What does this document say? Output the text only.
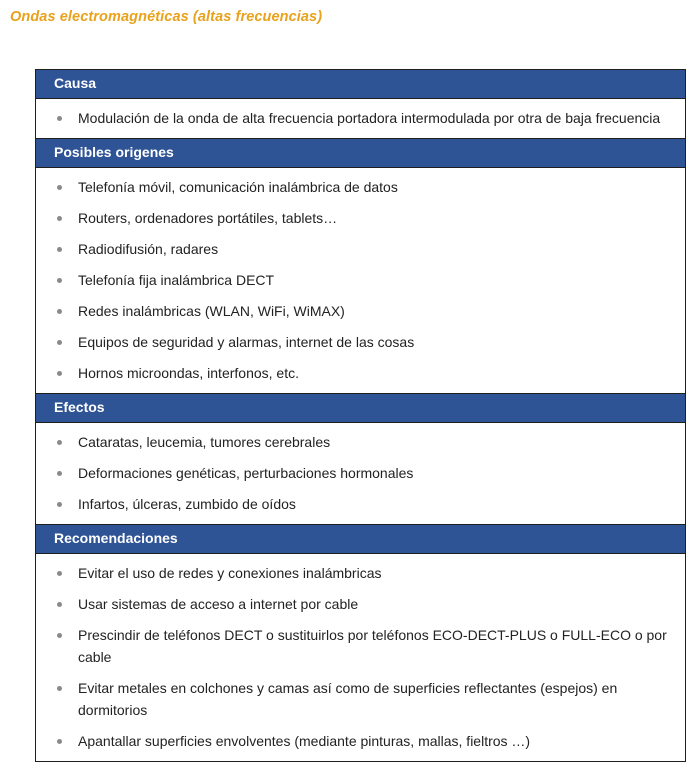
Ondas electromagnéticas (altas frecuencias)
Causa
Modulación de la onda de alta frecuencia portadora intermodulada por otra de baja frecuencia
Posibles origenes
Telefonía móvil, comunicación inalámbrica de datos
Routers, ordenadores portátiles, tablets…
Radiodifusión, radares
Telefonía fija inalámbrica DECT
Redes inalámbricas (WLAN, WiFi, WiMAX)
Equipos de seguridad y alarmas, internet de las cosas
Hornos microondas, interfonos, etc.
Efectos
Cataratas, leucemia, tumores cerebrales
Deformaciones genéticas, perturbaciones hormonales
Infartos, úlceras, zumbido de oídos
Recomendaciones
Evitar el uso de redes y conexiones inalámbricas
Usar sistemas de acceso a internet por cable
Prescindir de teléfonos DECT o sustituirlos por teléfonos ECO-DECT-PLUS o FULL-ECO o por cable
Evitar metales en colchones y camas así como de superficies reflectantes (espejos) en dormitorios
Apantallar superficies envolventes (mediante pinturas, mallas, fieltros …)
